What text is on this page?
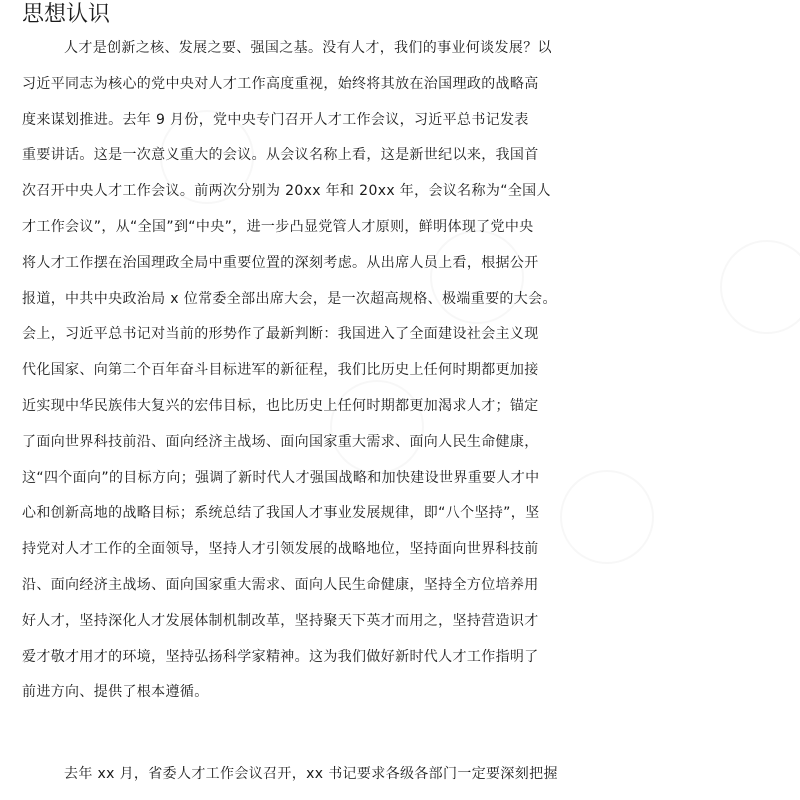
思想认识
人才是创新之核、发展之要、强国之基。没有人才，我们的事业何谈发展？以
习近平同志为核心的党中央对人才工作高度重视，始终将其放在治国理政的战略高
度来谋划推进。去年 9 月份，党中央专门召开人才工作会议，习近平总书记发表
重要讲话。这是一次意义重大的会议。从会议名称上看，这是新世纪以来，我国首
次召开中央人才工作会议。前两次分别为 20xx 年和 20xx 年，会议名称为“全国人
才工作会议”，从“全国”到“中央”，进一步凸显党管人才原则，鲜明体现了党中央
将人才工作摆在治国理政全局中重要位置的深刻考虑。从出席人员上看，根据公开
报道，中共中央政治局 x 位常委全部出席大会，是一次超高规格、极端重要的大会。
会上，习近平总书记对当前的形势作了最新判断：我国进入了全面建设社会主义现
代化国家、向第二个百年奋斗目标进军的新征程，我们比历史上任何时期都更加接
近实现中华民族伟大复兴的宏伟目标，也比历史上任何时期都更加渴求人才；锚定
了面向世界科技前沿、面向经济主战场、面向国家重大需求、面向人民生命健康，
这“四个面向”的目标方向；强调了新时代人才强国战略和加快建设世界重要人才中
心和创新高地的战略目标；系统总结了我国人才事业发展规律，即“八个坚持”，坚
持党对人才工作的全面领导，坚持人才引领发展的战略地位，坚持面向世界科技前
沿、面向经济主战场、面向国家重大需求、面向人民生命健康，坚持全方位培养用
好人才，坚持深化人才发展体制机制改革，坚持聚天下英才而用之，坚持营造识才
爱才敬才用才的环境，坚持弘扬科学家精神。这为我们做好新时代人才工作指明了
前进方向、提供了根本遵循。
去年 xx 月，省委人才工作会议召开，xx 书记要求各级各部门一定要深刻把握
